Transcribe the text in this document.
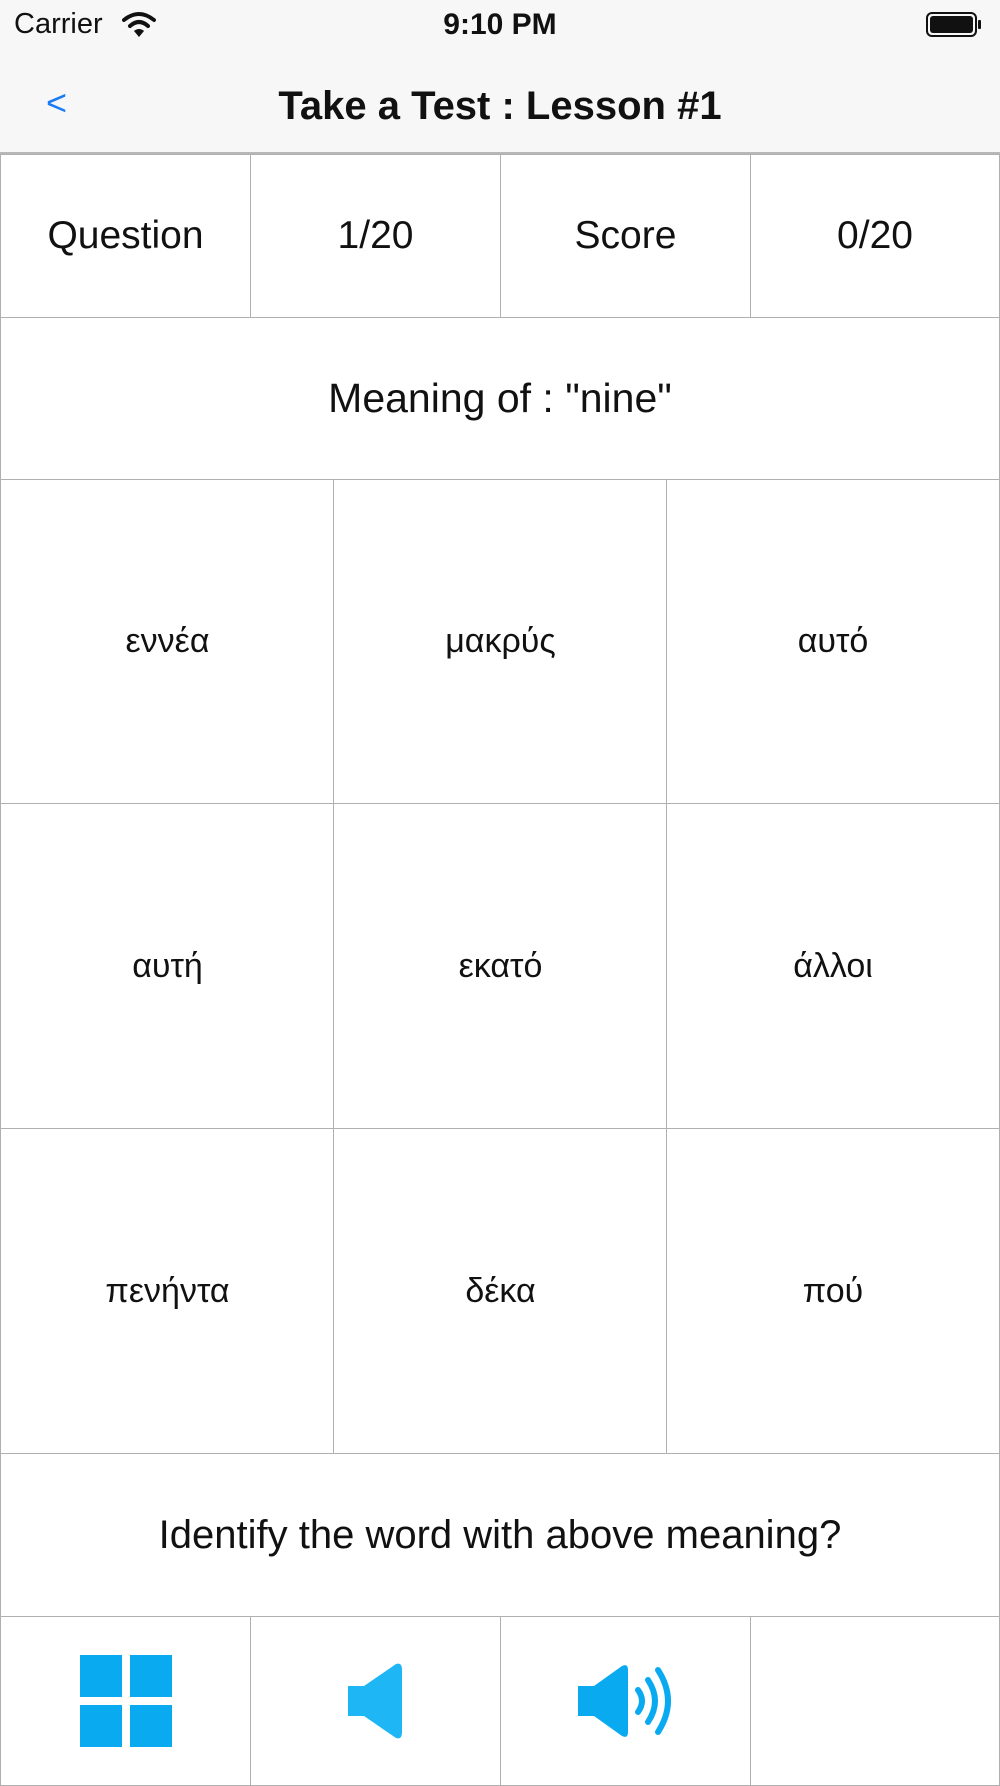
Carrier	9:10 PM
<	Take a Test : Lesson #1
Question	1/20	Score	0/20
Meaning of : "nine"
εννέα	μακρύς	αυτό
αυτή	εκατό	άλλοι
πενήντα	δέκα	πού
Identify the word with above meaning?
